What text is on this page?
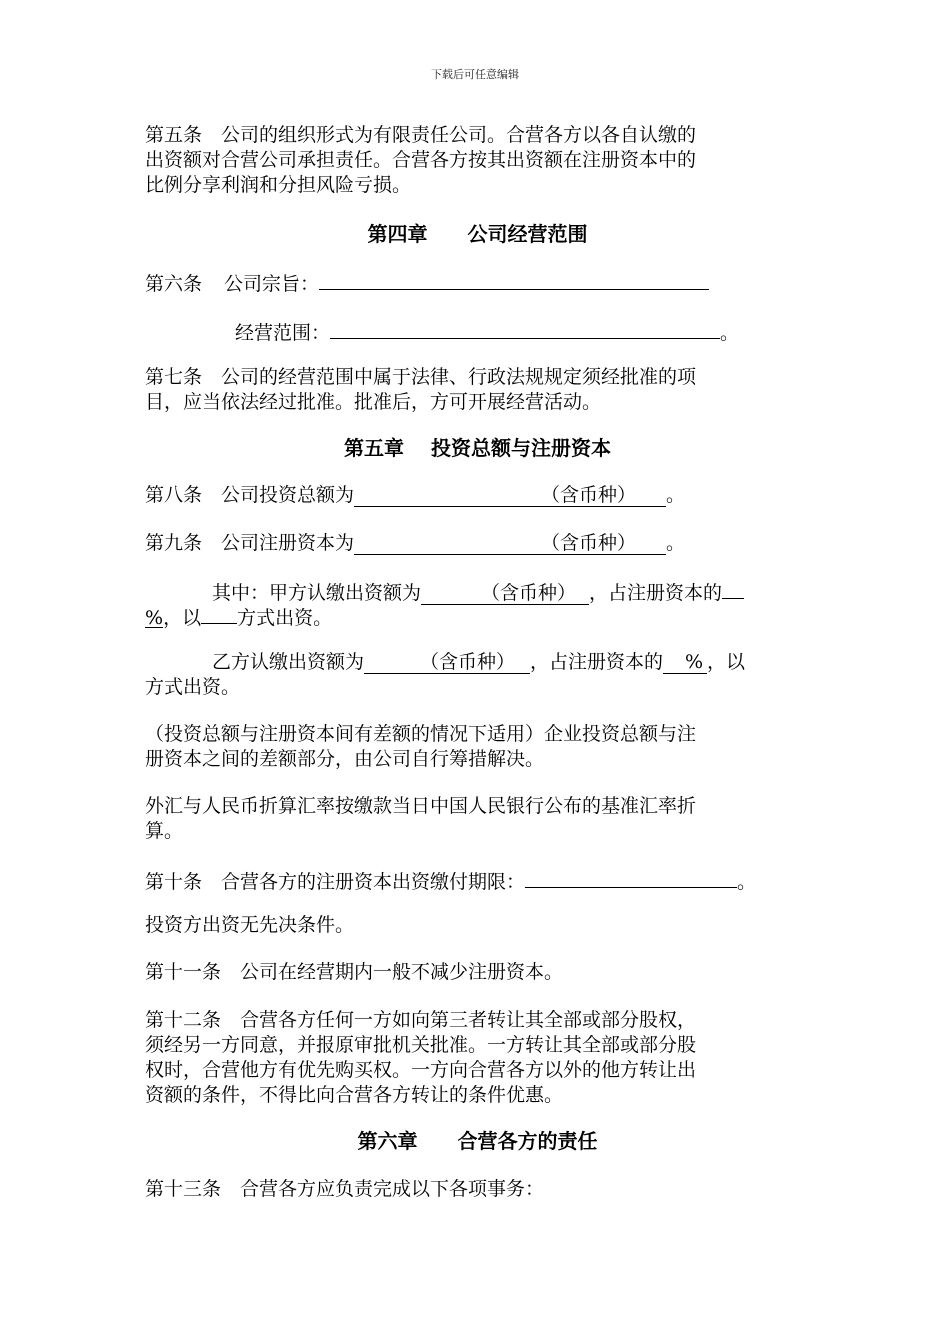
下载后可任意编辑
第五条　公司的组织形式为有限责任公司。合营各方以各自认缴的
出资额对合营公司承担责任。合营各方按其出资额在注册资本中的
比例分享利润和分担风险亏损。
第四章　　公司经营范围
第六条 公司宗旨：
经营范围：	。
第七条　公司的经营范围中属于法律、行政法规规定须经批准的项
目，应当依法经过批准。批准后，方可开展经营活动。
第五章　 投资总额与注册资本
第八条　公司投资总额为	（含币种） 。
第九条　公司注册资本为	（含币种） 。
其中：甲方认缴出资额为	（含币种） ，占注册资本的
%，以 方式出资。
乙方认缴出资额为	（含币种） ，占注册资本的 % ，以
方式出资。
（投资总额与注册资本间有差额的情况下适用）企业投资总额与注
册资本之间的差额部分，由公司自行筹措解决。
外汇与人民币折算汇率按缴款当日中国人民银行公布的基准汇率折
算。
第十条　合营各方的注册资本出资缴付期限：	。
投资方出资无先决条件。
第十一条　公司在经营期内一般不减少注册资本。
第十二条　合营各方任何一方如向第三者转让其全部或部分股权，
须经另一方同意，并报原审批机关批准。一方转让其全部或部分股
权时，合营他方有优先购买权。一方向合营各方以外的他方转让出
资额的条件，不得比向合营各方转让的条件优惠。
第六章　　合营各方的责任
第十三条　合营各方应负责完成以下各项事务：
